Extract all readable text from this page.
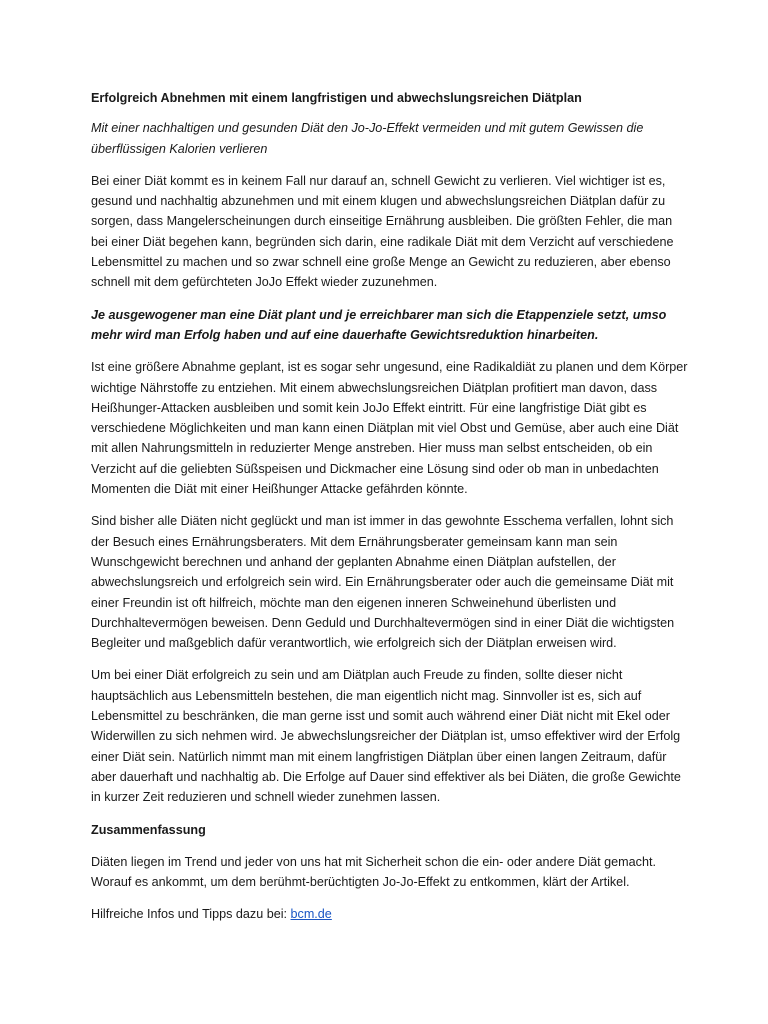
Erfolgreich Abnehmen mit einem langfristigen und abwechslungsreichen Diätplan
Mit einer nachhaltigen und gesunden Diät den Jo-Jo-Effekt vermeiden und mit gutem Gewissen die überflüssigen Kalorien verlieren

Bei einer Diät kommt es in keinem Fall nur darauf an, schnell Gewicht zu verlieren. Viel wichtiger ist es, gesund und nachhaltig abzunehmen und mit einem klugen und abwechslungsreichen Diätplan dafür zu sorgen, dass Mangelerscheinungen durch einseitige Ernährung ausbleiben. Die größten Fehler, die man bei einer Diät begehen kann, begründen sich darin, eine radikale Diät mit dem Verzicht auf verschiedene Lebensmittel zu machen und so zwar schnell eine große Menge an Gewicht zu reduzieren, aber ebenso schnell mit dem gefürchteten JoJo Effekt wieder zuzunehmen.

Je ausgewogener man eine Diät plant und je erreichbarer man sich die Etappenziele setzt, umso mehr wird man Erfolg haben und auf eine dauerhafte Gewichtsreduktion hinarbeiten.

Ist eine größere Abnahme geplant, ist es sogar sehr ungesund, eine Radikaldiät zu planen und dem Körper wichtige Nährstoffe zu entziehen. Mit einem abwechslungsreichen Diätplan profitiert man davon, dass Heißhunger-Attacken ausbleiben und somit kein JoJo Effekt eintritt. Für eine langfristige Diät gibt es verschiedene Möglichkeiten und man kann einen Diätplan mit viel Obst und Gemüse, aber auch eine Diät mit allen Nahrungsmitteln in reduzierter Menge anstreben. Hier muss man selbst entscheiden, ob ein Verzicht auf die geliebten Süßspeisen und Dickmacher eine Lösung sind oder ob man in unbedachten Momenten die Diät mit einer Heißhunger Attacke gefährden könnte.

Sind bisher alle Diäten nicht geglückt und man ist immer in das gewohnte Esschema verfallen, lohnt sich der Besuch eines Ernährungsberaters. Mit dem Ernährungsberater gemeinsam kann man sein Wunschgewicht berechnen und anhand der geplanten Abnahme einen Diätplan aufstellen, der abwechslungsreich und erfolgreich sein wird. Ein Ernährungsberater oder auch die gemeinsame Diät mit einer Freundin ist oft hilfreich, möchte man den eigenen inneren Schweinehund überlisten und Durchhaltevermögen beweisen. Denn Geduld und Durchhaltevermögen sind in einer Diät die wichtigsten Begleiter und maßgeblich dafür verantwortlich, wie erfolgreich sich der Diätplan erweisen wird.

Um bei einer Diät erfolgreich zu sein und am Diätplan auch Freude zu finden, sollte dieser nicht hauptsächlich aus Lebensmitteln bestehen, die man eigentlich nicht mag. Sinnvoller ist es, sich auf Lebensmittel zu beschränken, die man gerne isst und somit auch während einer Diät nicht mit Ekel oder Widerwillen zu sich nehmen wird. Je abwechslungsreicher der Diätplan ist, umso effektiver wird der Erfolg einer Diät sein. Natürlich nimmt man mit einem langfristigen Diätplan über einen langen Zeitraum, dafür aber dauerhaft und nachhaltig ab. Die Erfolge auf Dauer sind effektiver als bei Diäten, die große Gewichte in kurzer Zeit reduzieren und schnell wieder zunehmen lassen.

Zusammenfassung

Diäten liegen im Trend und jeder von uns hat mit Sicherheit schon die ein- oder andere Diät gemacht. Worauf es ankommt, um dem berühmt-berüchtigten Jo-Jo-Effekt zu entkommen, klärt der Artikel.

Hilfreiche Infos und Tipps dazu bei: bcm.de
